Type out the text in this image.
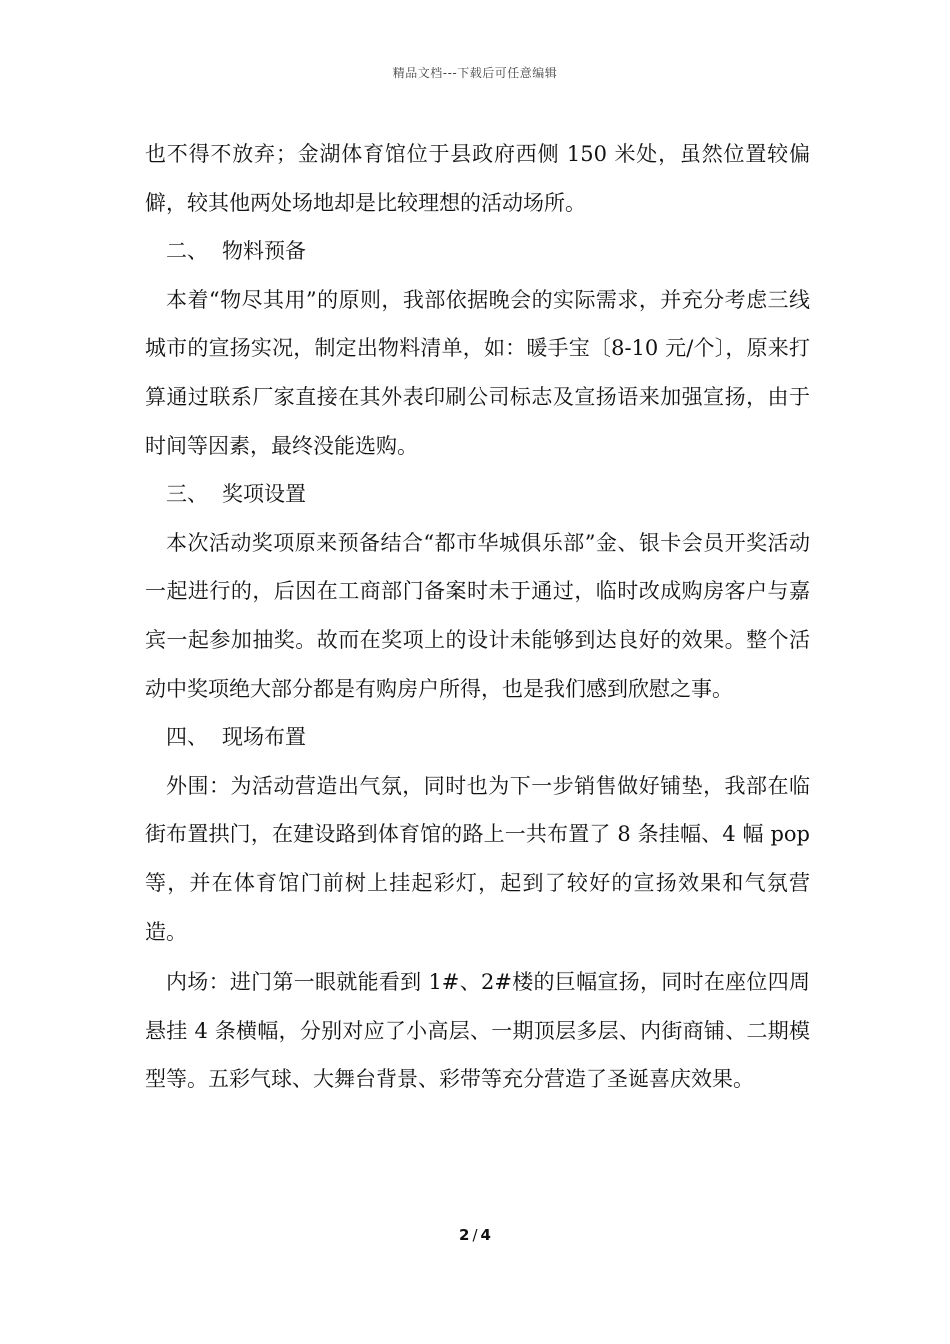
精品文档---下载后可任意编辑

也不得不放弃；金湖体育馆位于县政府西侧 150 米处，虽然位置较偏僻，较其他两处场地却是比较理想的活动场所。

二、 物料预备

本着“物尽其用”的原则，我部依据晚会的实际需求，并充分考虑三线城市的宣扬实况，制定出物料清单，如：暖手宝〔8-10 元/个〕，原来打算通过联系厂家直接在其外表印刷公司标志及宣扬语来加强宣扬，由于时间等因素，最终没能选购。

三、 奖项设置

本次活动奖项原来预备结合“都市华城俱乐部”金、银卡会员开奖活动一起进行的，后因在工商部门备案时未于通过，临时改成购房客户与嘉宾一起参加抽奖。故而在奖项上的设计未能够到达良好的效果。整个活动中奖项绝大部分都是有购房户所得，也是我们感到欣慰之事。

四、 现场布置

外围：为活动营造出气氛，同时也为下一步销售做好铺垫，我部在临街布置拱门，在建设路到体育馆的路上一共布置了 8 条挂幅、4 幅 pop 等，并在体育馆门前树上挂起彩灯，起到了较好的宣扬效果和气氛营造。

内场：进门第一眼就能看到 1#、2#楼的巨幅宣扬，同时在座位四周悬挂 4 条横幅，分别对应了小高层、一期顶层多层、内街商铺、二期模型等。五彩气球、大舞台背景、彩带等充分营造了圣诞喜庆效果。

2 / 4
